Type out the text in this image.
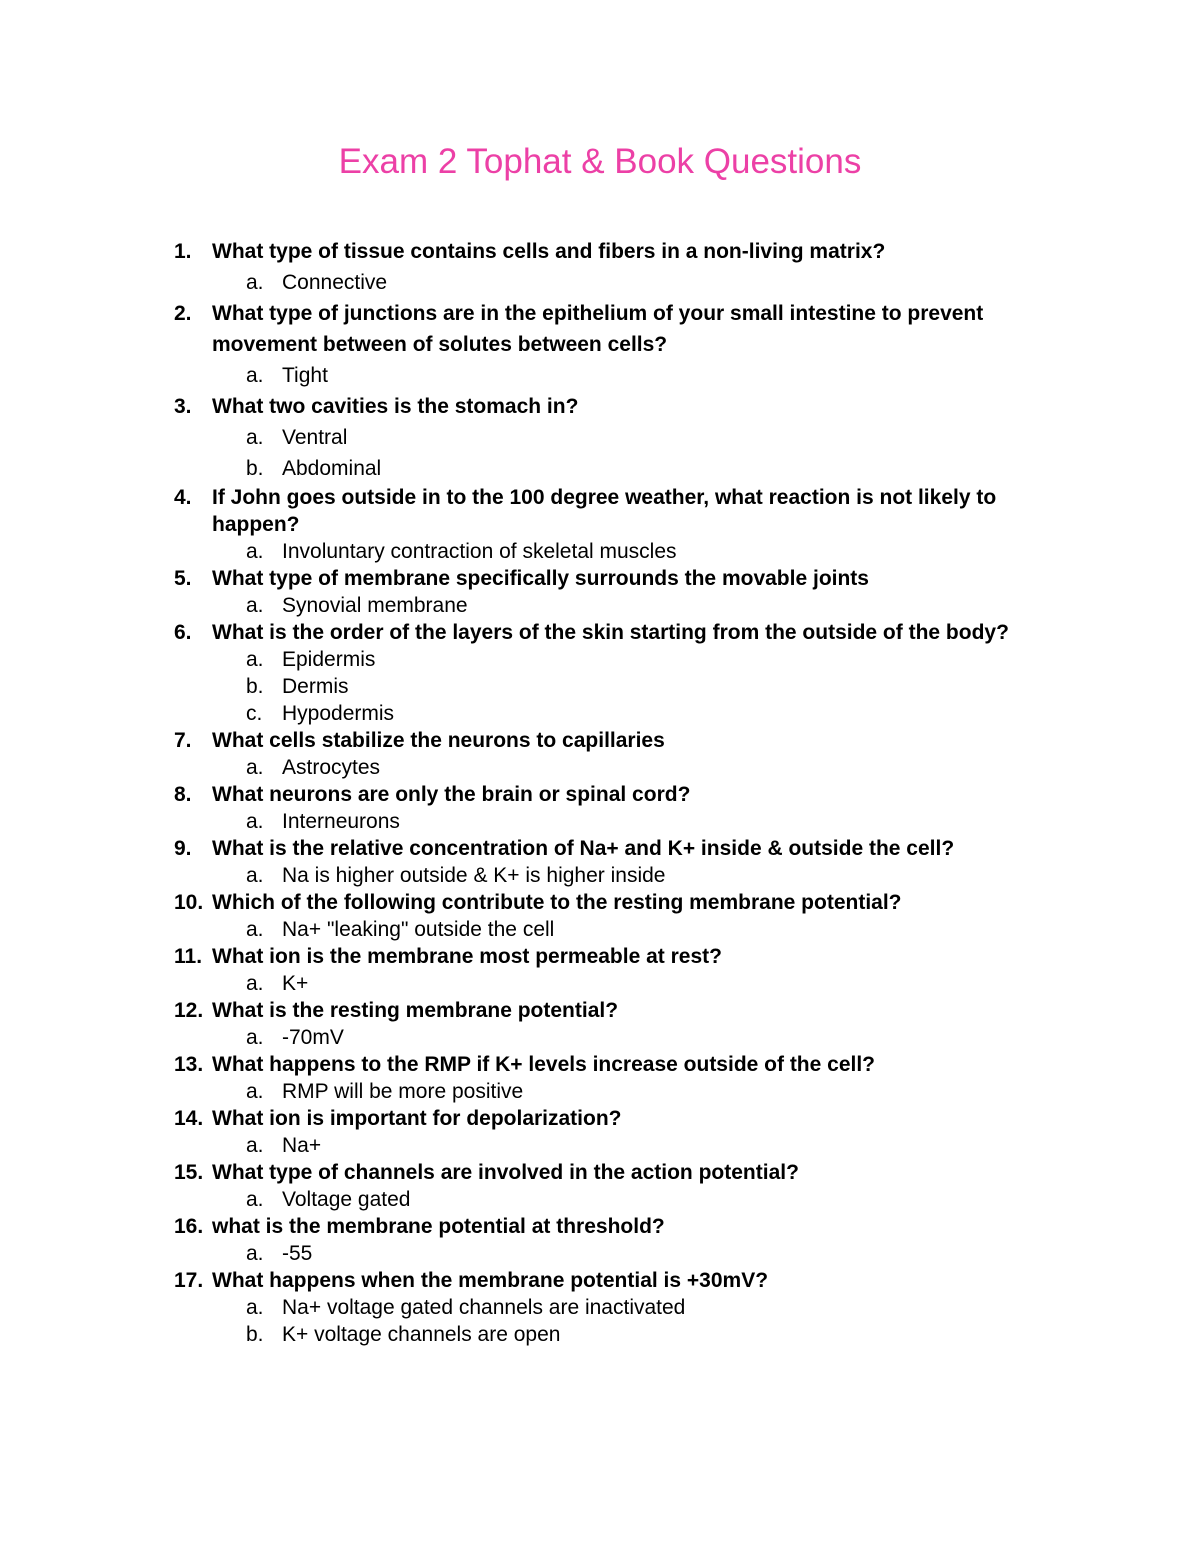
Exam 2 Tophat & Book Questions
1. What type of tissue contains cells and fibers in a non-living matrix?
a. Connective
2. What type of junctions are in the epithelium of your small intestine to prevent movement between of solutes between cells?
a. Tight
3. What two cavities is the stomach in?
a. Ventral
b. Abdominal
4. If John goes outside in to the 100 degree weather, what reaction is not likely to happen?
a. Involuntary contraction of skeletal muscles
5. What type of membrane specifically surrounds the movable joints
a. Synovial membrane
6. What is the order of the layers of the skin starting from the outside of the body?
a. Epidermis
b. Dermis
c. Hypodermis
7. What cells stabilize the neurons to capillaries
a. Astrocytes
8. What neurons are only the brain or spinal cord?
a. Interneurons
9. What is the relative concentration of Na+ and K+ inside & outside the cell?
a. Na is higher outside & K+ is higher inside
10. Which of the following contribute to the resting membrane potential?
a. Na+ "leaking" outside the cell
11. What ion is the membrane most permeable at rest?
a. K+
12. What is the resting membrane potential?
a. -70mV
13. What happens to the RMP if K+ levels increase outside of the cell?
a. RMP will be more positive
14. What ion is important for depolarization?
a. Na+
15. What type of channels are involved in the action potential?
a. Voltage gated
16. what is the membrane potential at threshold?
a. -55
17. What happens when the membrane potential is +30mV?
a. Na+ voltage gated channels are inactivated
b. K+ voltage channels are open
